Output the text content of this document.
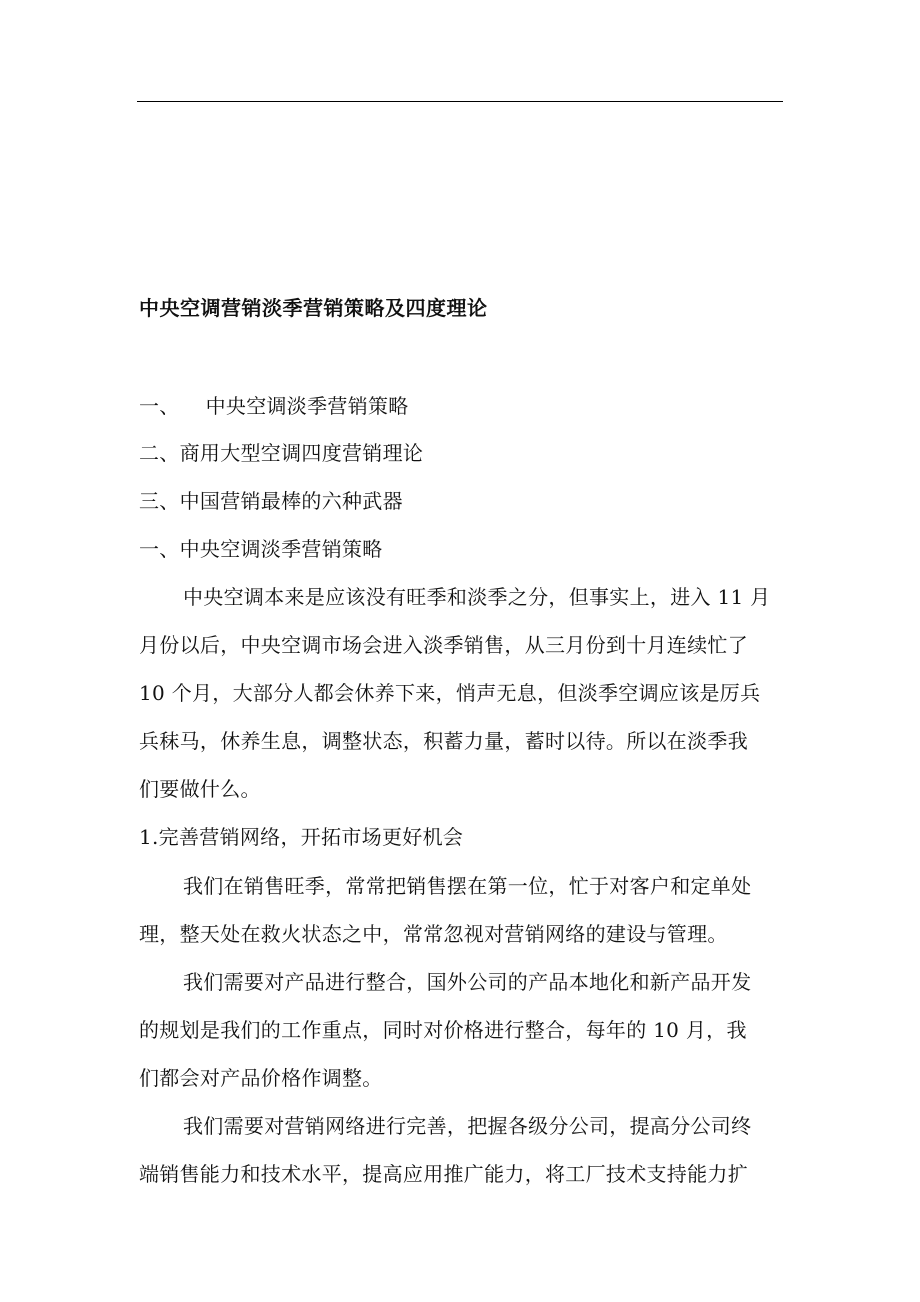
中央空调营销淡季营销策略及四度理论
一、 中央空调淡季营销策略
二、商用大型空调四度营销理论
三、中国营销最棒的六种武器
一、中央空调淡季营销策略
中央空调本来是应该没有旺季和淡季之分，但事实上，进入 11 月
月份以后，中央空调市场会进入淡季销售，从三月份到十月连续忙了
10 个月，大部分人都会休养下来，悄声无息，但淡季空调应该是厉兵
兵秣马，休养生息，调整状态，积蓄力量，蓄时以待。所以在淡季我
们要做什么。
1.完善营销网络，开拓市场更好机会
我们在销售旺季，常常把销售摆在第一位，忙于对客户和定单处
理，整天处在救火状态之中，常常忽视对营销网络的建设与管理。
我们需要对产品进行整合，国外公司的产品本地化和新产品开发
的规划是我们的工作重点，同时对价格进行整合，每年的 10 月，我
们都会对产品价格作调整。
我们需要对营销网络进行完善，把握各级分公司，提高分公司终
端销售能力和技术水平，提高应用推广能力，将工厂技术支持能力扩
